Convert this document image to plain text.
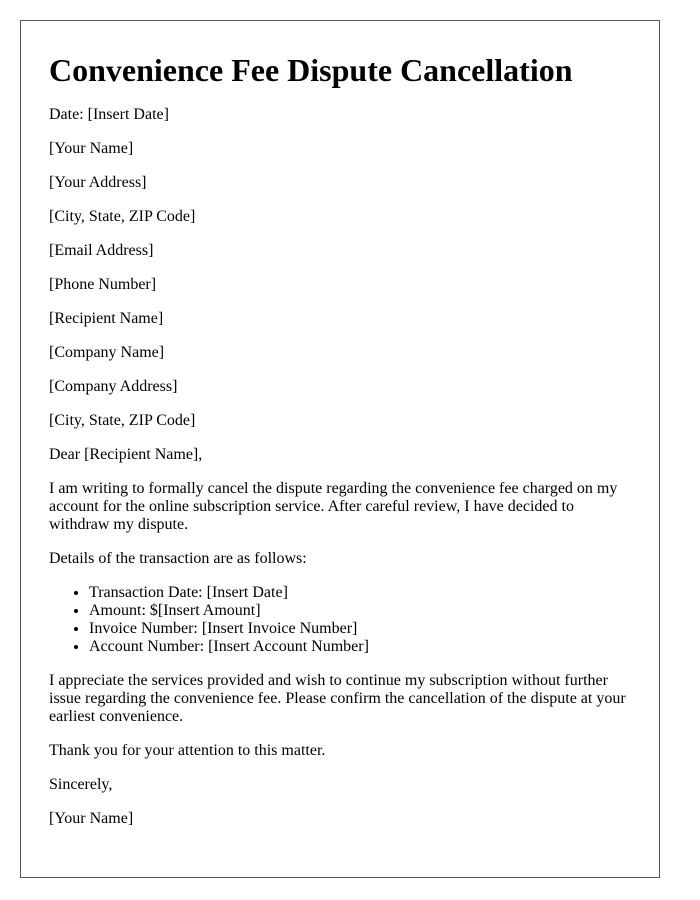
Convenience Fee Dispute Cancellation

Date: [Insert Date]

[Your Name]

[Your Address]

[City, State, ZIP Code]

[Email Address]

[Phone Number]

[Recipient Name]

[Company Name]

[Company Address]

[City, State, ZIP Code]

Dear [Recipient Name],

I am writing to formally cancel the dispute regarding the convenience fee charged on my account for the online subscription service. After careful review, I have decided to withdraw my dispute.

Details of the transaction are as follows:

• Transaction Date: [Insert Date]
• Amount: $[Insert Amount]
• Invoice Number: [Insert Invoice Number]
• Account Number: [Insert Account Number]

I appreciate the services provided and wish to continue my subscription without further issue regarding the convenience fee. Please confirm the cancellation of the dispute at your earliest convenience.

Thank you for your attention to this matter.

Sincerely,

[Your Name]
